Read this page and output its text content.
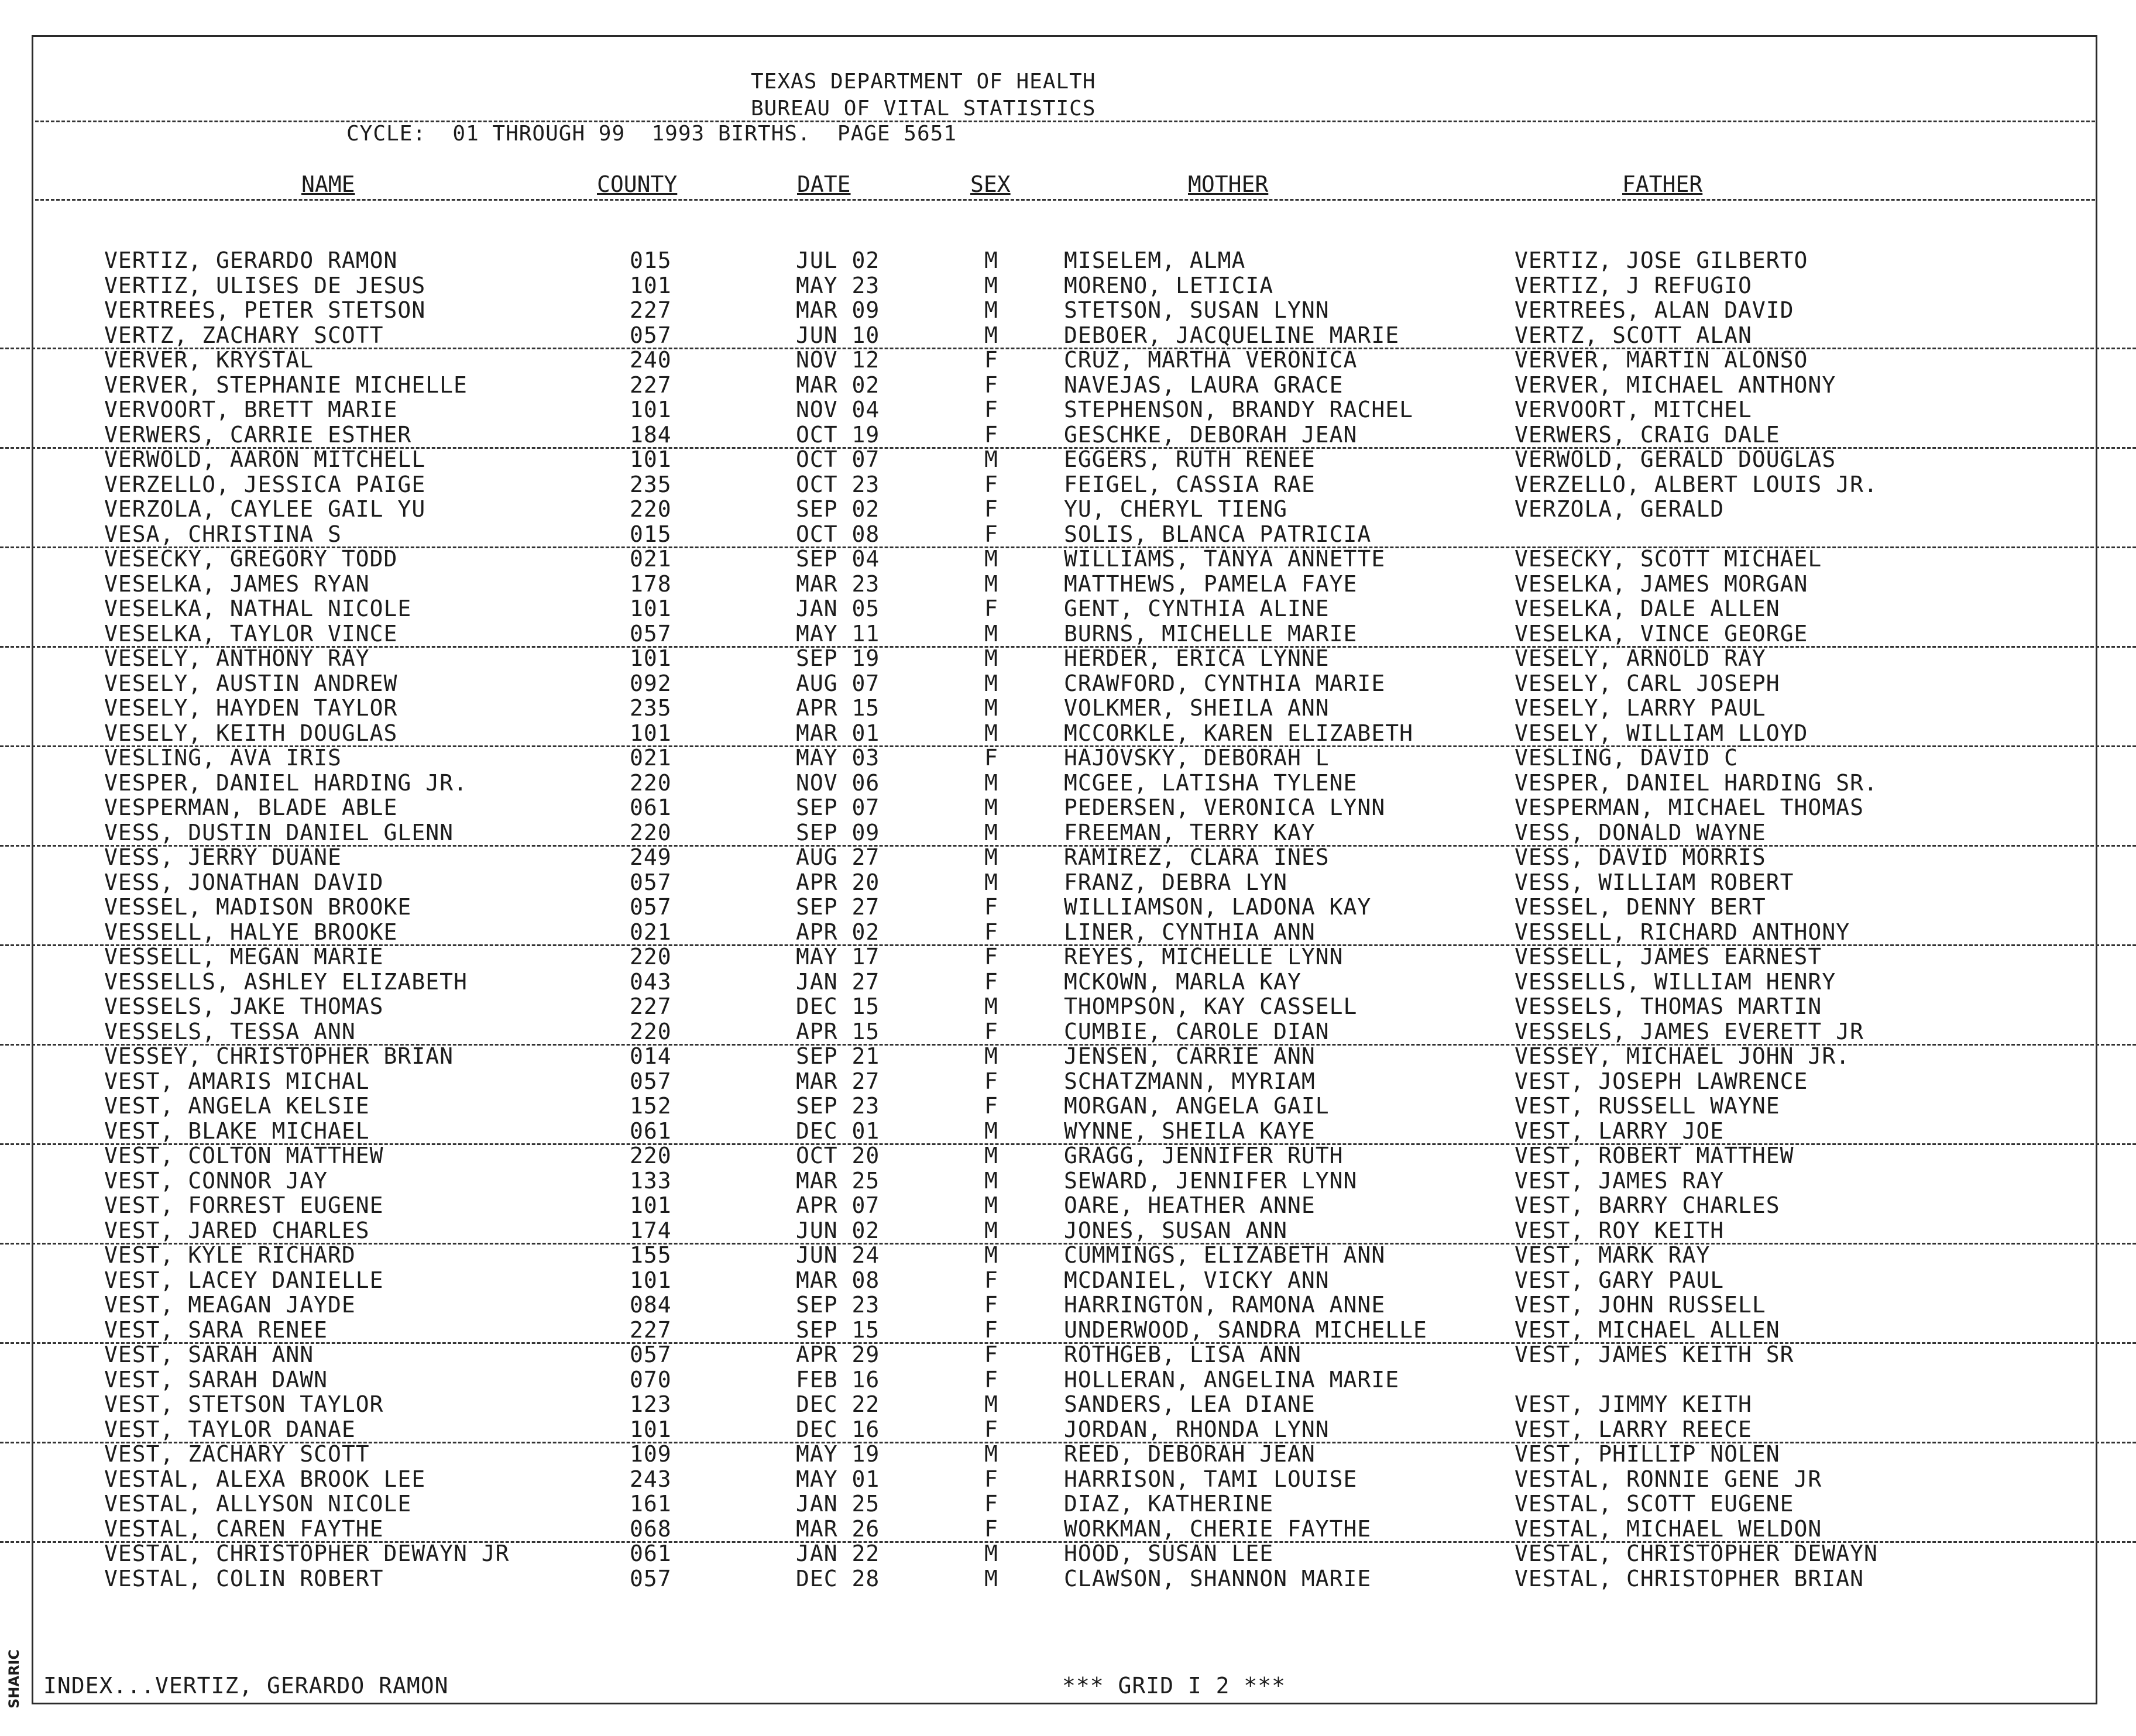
TEXAS DEPARTMENT OF HEALTH
BUREAU OF VITAL STATISTICS
CYCLE:  01 THROUGH 99  1993 BIRTHS.  PAGE 5651
NAME	COUNTY	DATE	SEX	MOTHER	FATHER
VERTIZ, GERARDO RAMON	015	JUL 02	M	MISELEM, ALMA	VERTIZ, JOSE GILBERTO
VERTIZ, ULISES DE JESUS	101	MAY 23	M	MORENO, LETICIA	VERTIZ, J REFUGIO
VERTREES, PETER STETSON	227	MAR 09	M	STETSON, SUSAN LYNN	VERTREES, ALAN DAVID
VERTZ, ZACHARY SCOTT	057	JUN 10	M	DEBOER, JACQUELINE MARIE	VERTZ, SCOTT ALAN
VERVER, KRYSTAL	240	NOV 12	F	CRUZ, MARTHA VERONICA	VERVER, MARTIN ALONSO
VERVER, STEPHANIE MICHELLE	227	MAR 02	F	NAVEJAS, LAURA GRACE	VERVER, MICHAEL ANTHONY
VERVOORT, BRETT MARIE	101	NOV 04	F	STEPHENSON, BRANDY RACHEL	VERVOORT, MITCHEL
VERWERS, CARRIE ESTHER	184	OCT 19	F	GESCHKE, DEBORAH JEAN	VERWERS, CRAIG DALE
VERWOLD, AARON MITCHELL	101	OCT 07	M	EGGERS, RUTH RENEE	VERWOLD, GERALD DOUGLAS
VERZELLO, JESSICA PAIGE	235	OCT 23	F	FEIGEL, CASSIA RAE	VERZELLO, ALBERT LOUIS JR.
VERZOLA, CAYLEE GAIL YU	220	SEP 02	F	YU, CHERYL TIENG	VERZOLA, GERALD
VESA, CHRISTINA S	015	OCT 08	F	SOLIS, BLANCA PATRICIA
VESECKY, GREGORY TODD	021	SEP 04	M	WILLIAMS, TANYA ANNETTE	VESECKY, SCOTT MICHAEL
VESELKA, JAMES RYAN	178	MAR 23	M	MATTHEWS, PAMELA FAYE	VESELKA, JAMES MORGAN
VESELKA, NATHAL NICOLE	101	JAN 05	F	GENT, CYNTHIA ALINE	VESELKA, DALE ALLEN
VESELKA, TAYLOR VINCE	057	MAY 11	M	BURNS, MICHELLE MARIE	VESELKA, VINCE GEORGE
VESELY, ANTHONY RAY	101	SEP 19	M	HERDER, ERICA LYNNE	VESELY, ARNOLD RAY
VESELY, AUSTIN ANDREW	092	AUG 07	M	CRAWFORD, CYNTHIA MARIE	VESELY, CARL JOSEPH
VESELY, HAYDEN TAYLOR	235	APR 15	M	VOLKMER, SHEILA ANN	VESELY, LARRY PAUL
VESELY, KEITH DOUGLAS	101	MAR 01	M	MCCORKLE, KAREN ELIZABETH	VESELY, WILLIAM LLOYD
VESLING, AVA IRIS	021	MAY 03	F	HAJOVSKY, DEBORAH L	VESLING, DAVID C
VESPER, DANIEL HARDING JR.	220	NOV 06	M	MCGEE, LATISHA TYLENE	VESPER, DANIEL HARDING SR.
VESPERMAN, BLADE ABLE	061	SEP 07	M	PEDERSEN, VERONICA LYNN	VESPERMAN, MICHAEL THOMAS
VESS, DUSTIN DANIEL GLENN	220	SEP 09	M	FREEMAN, TERRY KAY	VESS, DONALD WAYNE
VESS, JERRY DUANE	249	AUG 27	M	RAMIREZ, CLARA INES	VESS, DAVID MORRIS
VESS, JONATHAN DAVID	057	APR 20	M	FRANZ, DEBRA LYN	VESS, WILLIAM ROBERT
VESSEL, MADISON BROOKE	057	SEP 27	F	WILLIAMSON, LADONA KAY	VESSEL, DENNY BERT
VESSELL, HALYE BROOKE	021	APR 02	F	LINER, CYNTHIA ANN	VESSELL, RICHARD ANTHONY
VESSELL, MEGAN MARIE	220	MAY 17	F	REYES, MICHELLE LYNN	VESSELL, JAMES EARNEST
VESSELLS, ASHLEY ELIZABETH	043	JAN 27	F	MCKOWN, MARLA KAY	VESSELLS, WILLIAM HENRY
VESSELS, JAKE THOMAS	227	DEC 15	M	THOMPSON, KAY CASSELL	VESSELS, THOMAS MARTIN
VESSELS, TESSA ANN	220	APR 15	F	CUMBIE, CAROLE DIAN	VESSELS, JAMES EVERETT JR
VESSEY, CHRISTOPHER BRIAN	014	SEP 21	M	JENSEN, CARRIE ANN	VESSEY, MICHAEL JOHN JR.
VEST, AMARIS MICHAL	057	MAR 27	F	SCHATZMANN, MYRIAM	VEST, JOSEPH LAWRENCE
VEST, ANGELA KELSIE	152	SEP 23	F	MORGAN, ANGELA GAIL	VEST, RUSSELL WAYNE
VEST, BLAKE MICHAEL	061	DEC 01	M	WYNNE, SHEILA KAYE	VEST, LARRY JOE
VEST, COLTON MATTHEW	220	OCT 20	M	GRAGG, JENNIFER RUTH	VEST, ROBERT MATTHEW
VEST, CONNOR JAY	133	MAR 25	M	SEWARD, JENNIFER LYNN	VEST, JAMES RAY
VEST, FORREST EUGENE	101	APR 07	M	OARE, HEATHER ANNE	VEST, BARRY CHARLES
VEST, JARED CHARLES	174	JUN 02	M	JONES, SUSAN ANN	VEST, ROY KEITH
VEST, KYLE RICHARD	155	JUN 24	M	CUMMINGS, ELIZABETH ANN	VEST, MARK RAY
VEST, LACEY DANIELLE	101	MAR 08	F	MCDANIEL, VICKY ANN	VEST, GARY PAUL
VEST, MEAGAN JAYDE	084	SEP 23	F	HARRINGTON, RAMONA ANNE	VEST, JOHN RUSSELL
VEST, SARA RENEE	227	SEP 15	F	UNDERWOOD, SANDRA MICHELLE	VEST, MICHAEL ALLEN
VEST, SARAH ANN	057	APR 29	F	ROTHGEB, LISA ANN	VEST, JAMES KEITH SR
VEST, SARAH DAWN	070	FEB 16	F	HOLLERAN, ANGELINA MARIE
VEST, STETSON TAYLOR	123	DEC 22	M	SANDERS, LEA DIANE	VEST, JIMMY KEITH
VEST, TAYLOR DANAE	101	DEC 16	F	JORDAN, RHONDA LYNN	VEST, LARRY REECE
VEST, ZACHARY SCOTT	109	MAY 19	M	REED, DEBORAH JEAN	VEST, PHILLIP NOLEN
VESTAL, ALEXA BROOK LEE	243	MAY 01	F	HARRISON, TAMI LOUISE	VESTAL, RONNIE GENE JR
VESTAL, ALLYSON NICOLE	161	JAN 25	F	DIAZ, KATHERINE	VESTAL, SCOTT EUGENE
VESTAL, CAREN FAYTHE	068	MAR 26	F	WORKMAN, CHERIE FAYTHE	VESTAL, MICHAEL WELDON
VESTAL, CHRISTOPHER DEWAYN JR	061	JAN 22	M	HOOD, SUSAN LEE	VESTAL, CHRISTOPHER DEWAYN
VESTAL, COLIN ROBERT	057	DEC 28	M	CLAWSON, SHANNON MARIE	VESTAL, CHRISTOPHER BRIAN
INDEX...VERTIZ, GERARDO RAMON	*** GRID I 2 ***
SHARIC
